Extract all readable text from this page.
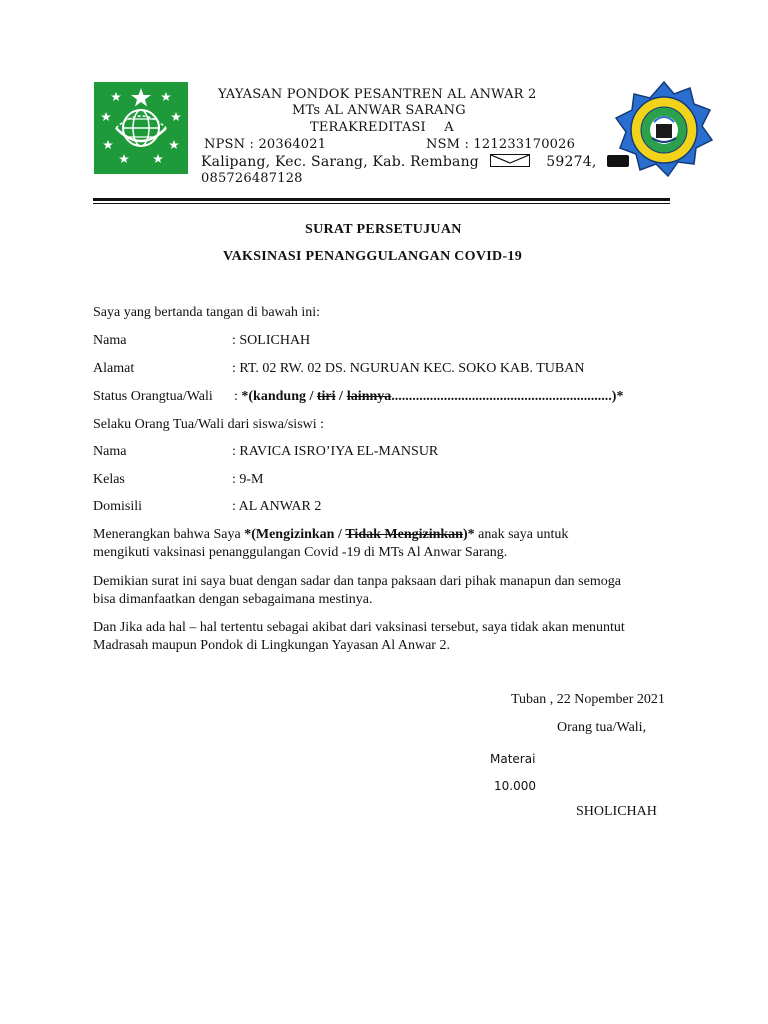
YAYASAN PONDOK PESANTREN AL ANWAR 2
MTs AL ANWAR SARANG
TERAKREDITASI A
NPSN : 20364021	NSM : 121233170026
Kalipang, Kec. Sarang, Kab. Rembang	59274,
085726487128
SURAT PERSETUJUAN
VAKSINASI PENANGGULANGAN COVID-19
Saya yang bertanda tangan di bawah ini:
Nama	: SOLICHAH
Alamat	: RT. 02 RW. 02 DS. NGURUAN KEC. SOKO KAB. TUBAN
Status Orangtua/Wali : *(kandung / tiri / lainnya...............................................................)*
Selaku Orang Tua/Wali dari siswa/siswi :
Nama	: RAVICA ISRO’IYA EL-MANSUR
Kelas	: 9-M
Domisili	: AL ANWAR 2
Menerangkan bahwa Saya *(Mengizinkan / Tidak Mengizinkan)* anak saya untuk
mengikuti vaksinasi penanggulangan Covid -19 di MTs Al Anwar Sarang.
Demikian surat ini saya buat dengan sadar dan tanpa paksaan dari pihak manapun dan semoga
bisa dimanfaatkan dengan sebagaimana mestinya.
Dan Jika ada hal – hal tertentu sebagai akibat dari vaksinasi tersebut, saya tidak akan menuntut
Madrasah maupun Pondok di Lingkungan Yayasan Al Anwar 2.
Tuban , 22 Nopember 2021
Orang tua/Wali,
Materai
10.000
SHOLICHAH
